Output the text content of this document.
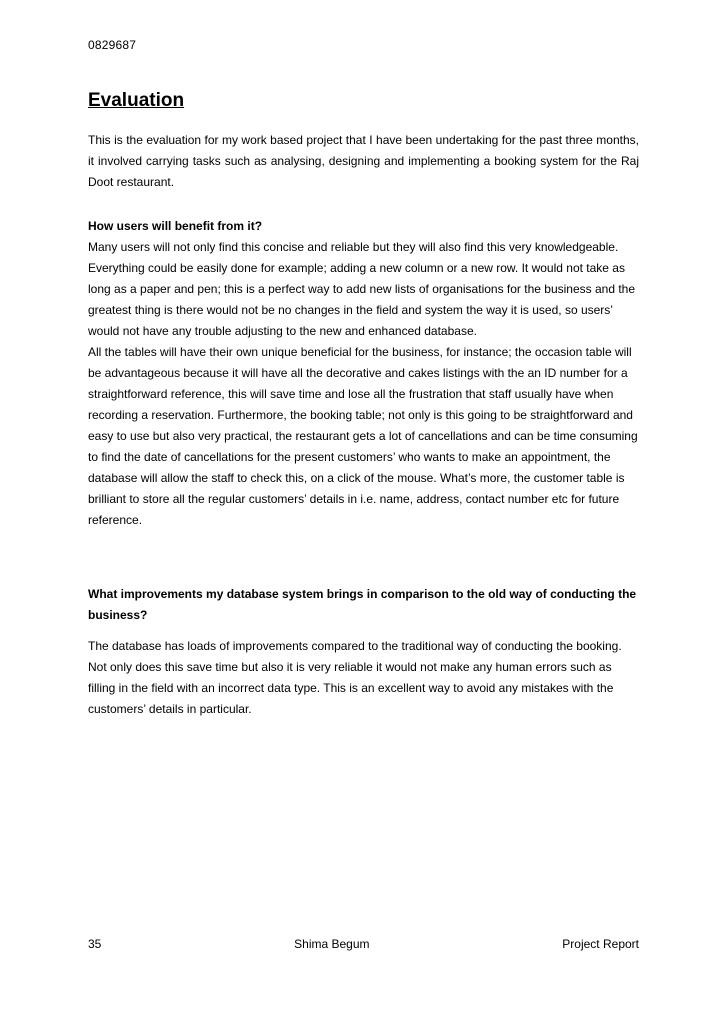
0829687
Evaluation
This is the evaluation for my work based project that I have been undertaking for the past three months, it involved carrying tasks such as analysing, designing and implementing a booking system for the Raj Doot restaurant.
How users will benefit from it?

Many users will not only find this concise and reliable but they will also find this very knowledgeable. Everything could be easily done for example; adding a new column or a new row. It would not take as long as a paper and pen; this is a perfect way to add new lists of organisations for the business and the greatest thing is there would not be no changes in the field and system the way it is used, so users’ would not have any trouble adjusting to the new and enhanced database.

All the tables will have their own unique beneficial for the business, for instance; the occasion table will be advantageous because it will have all the decorative and cakes listings with the an ID number for a straightforward reference, this will save time and lose all the frustration that staff usually have when recording a reservation. Furthermore, the booking table; not only is this going to be straightforward and easy to use but also very practical, the restaurant gets a lot of cancellations and can be time consuming to find the date of cancellations for the present customers’ who wants to make an appointment, the database will allow the staff to check this, on a click of the mouse. What’s more, the customer table is brilliant to store all the regular customers’ details in i.e. name, address, contact number etc for future reference.

What improvements my database system brings in comparison to the old way of conducting the business?
The database has loads of improvements compared to the traditional way of conducting the booking. Not only does this save time but also it is very reliable it would not make any human errors such as filling in the field with an incorrect data type. This is an excellent way to avoid any mistakes with the customers’ details in particular.
35	Shima Begum	Project Report
